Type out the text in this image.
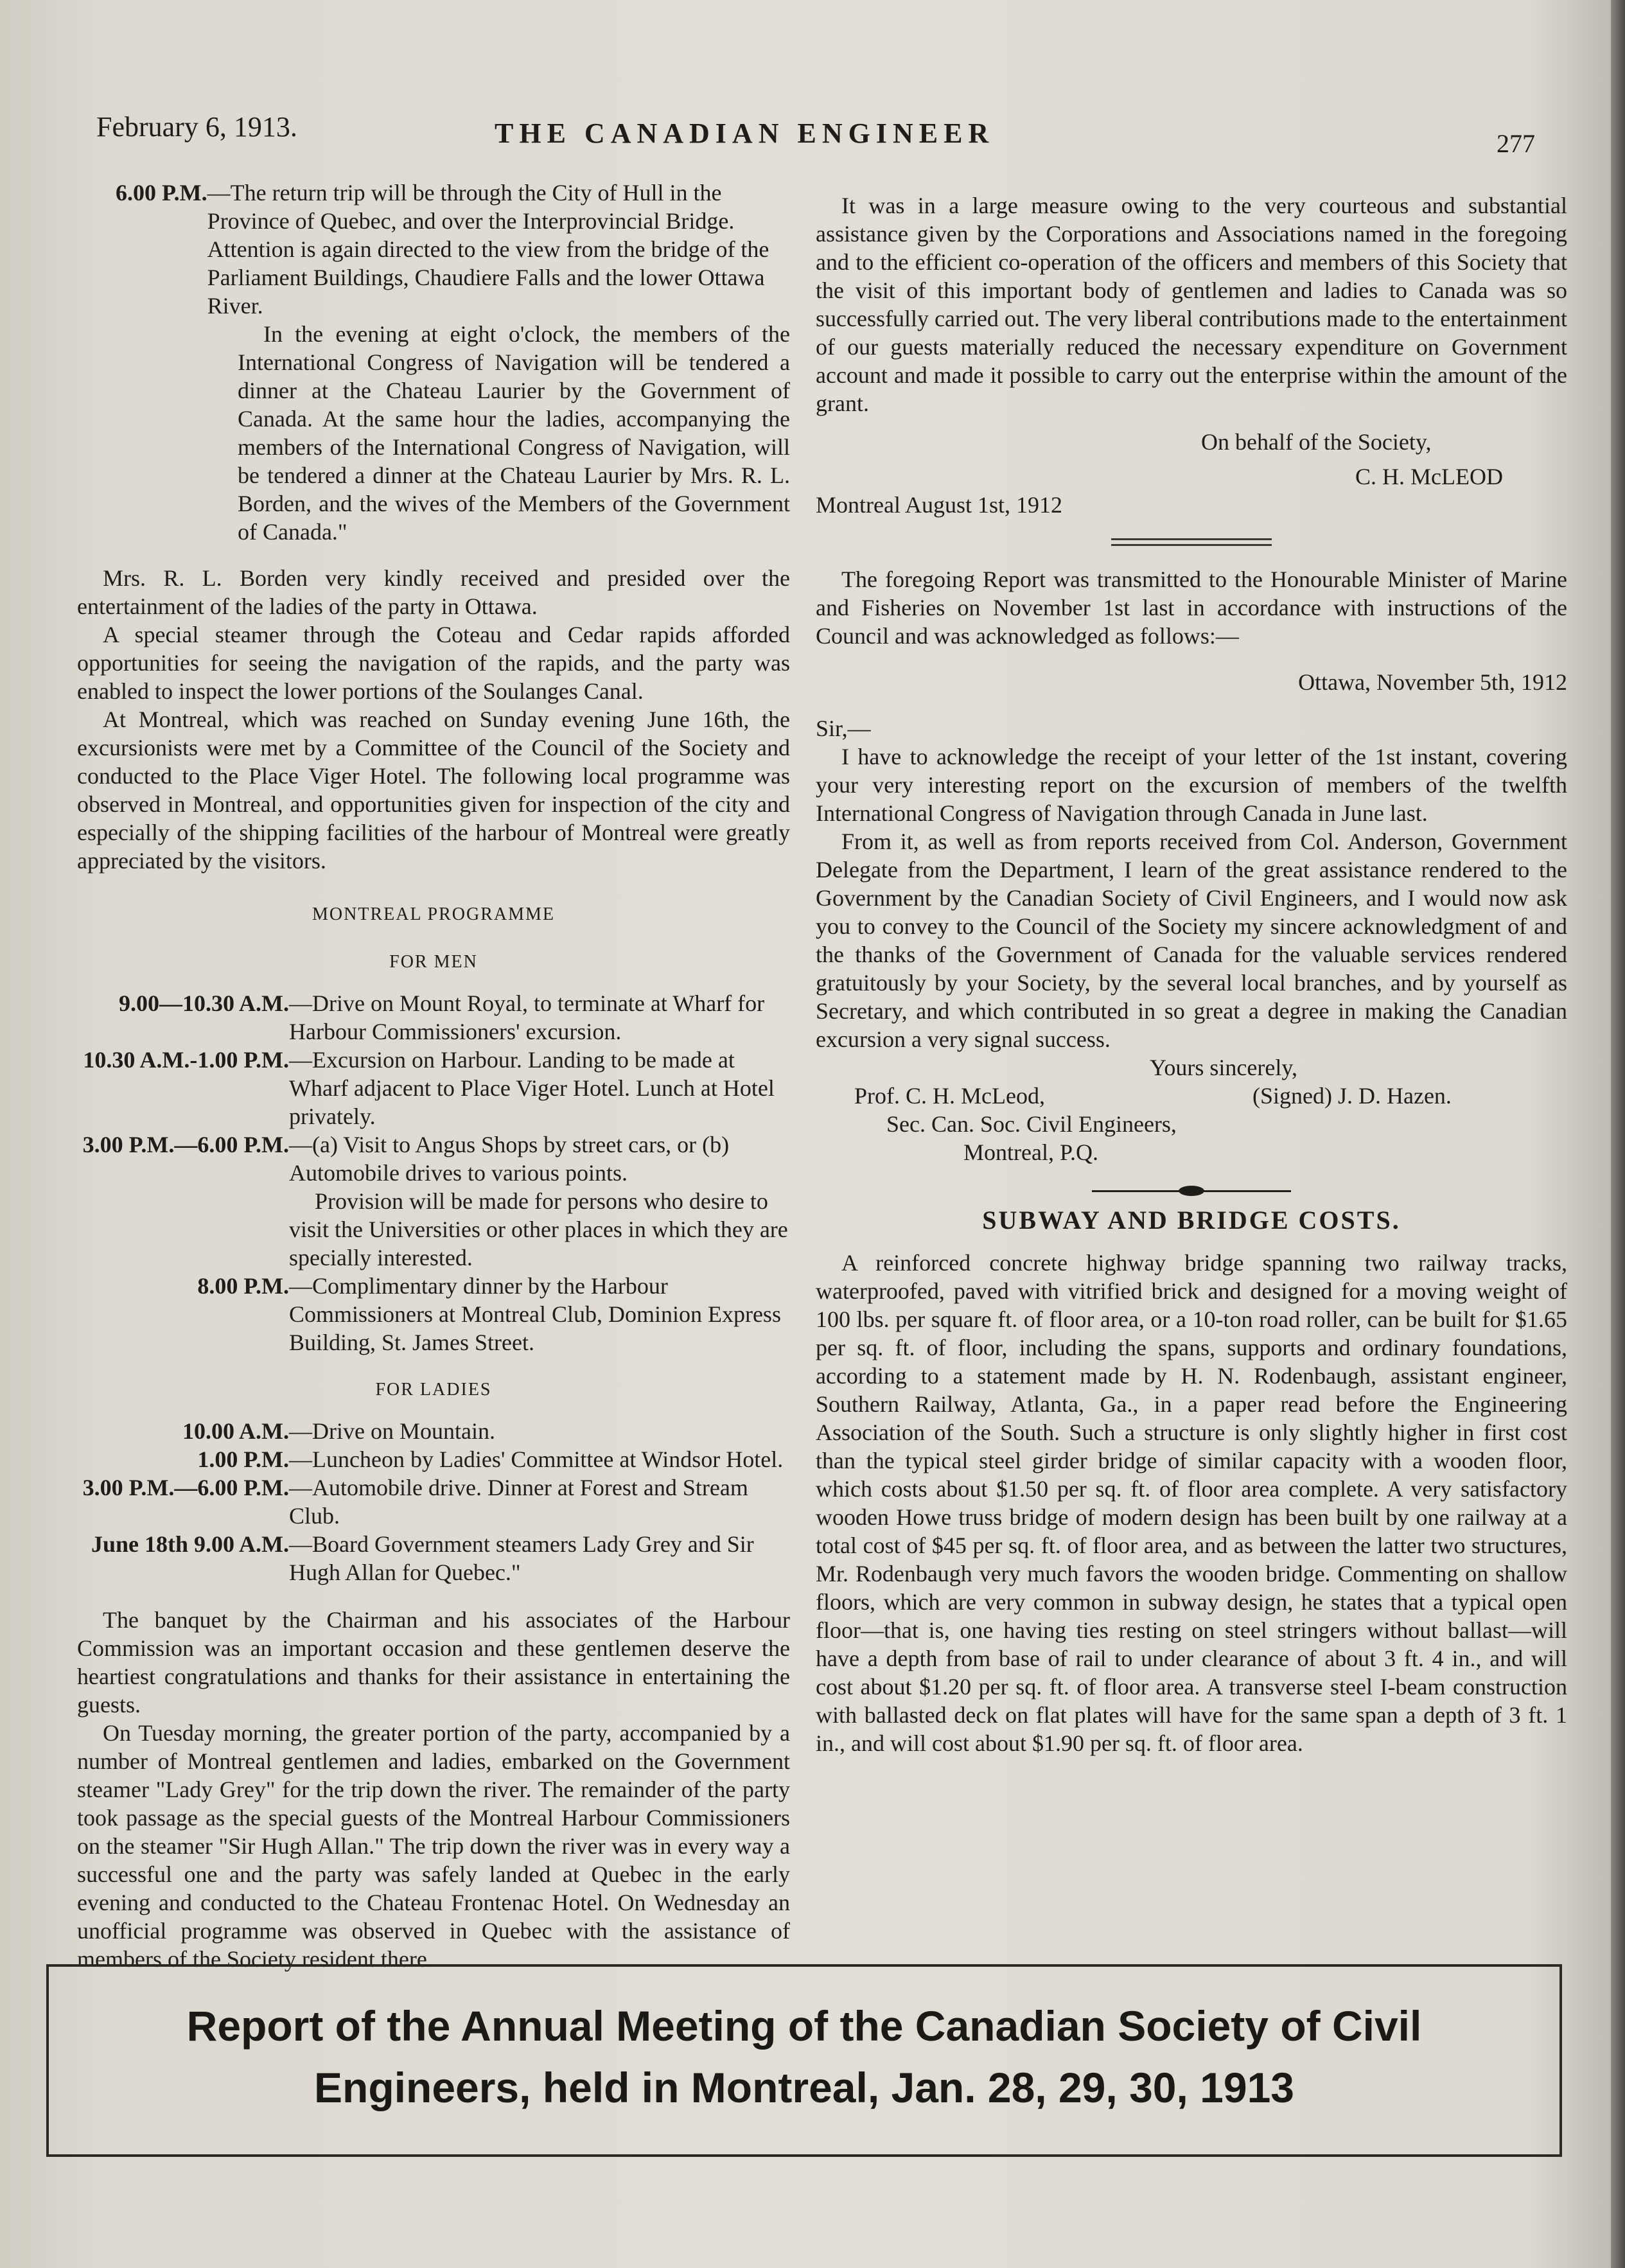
February 6, 1913.	THE CANADIAN ENGINEER	277
6.00 P.M. —The return trip will be through the City of Hull in the Province of Quebec, and over the Interprovincial Bridge. Attention is again directed to the view from the bridge of the Parliament Buildings, Chaudiere Falls and the lower Ottawa River.

In the evening at eight o'clock, the members of the International Congress of Navigation will be tendered a dinner at the Chateau Laurier by the Government of Canada. At the same hour the ladies, accompanying the members of the International Congress of Navigation, will be tendered a dinner at the Chateau Laurier by Mrs. R. L. Borden, and the wives of the Members of the Government of Canada."

Mrs. R. L. Borden very kindly received and presided over the entertainment of the ladies of the party in Ottawa.

A special steamer through the Coteau and Cedar rapids afforded opportunities for seeing the navigation of the rapids, and the party was enabled to inspect the lower portions of the Soulanges Canal.

At Montreal, which was reached on Sunday evening June 16th, the excursionists were met by a Committee of the Council of the Society and conducted to the Place Viger Hotel. The following local programme was observed in Montreal, and opportunities given for inspection of the city and especially of the shipping facilities of the harbour of Montreal were greatly appreciated by the visitors.

MONTREAL PROGRAMME
FOR MEN
9.00—10.30 A.M. —Drive on Mount Royal, to terminate at Wharf for Harbour Commissioners' excursion.
10.30 A.M.-1.00 P.M. —Excursion on Harbour. Landing to be made at Wharf adjacent to Place Viger Hotel. Lunch at Hotel privately.
3.00 P.M.—6.00 P.M. —(a) Visit to Angus Shops by street cars, or (b) Automobile drives to various points.
Provision will be made for persons who desire to visit the Universities or other places in which they are specially interested.
8.00 P.M. —Complimentary dinner by the Harbour Commissioners at Montreal Club, Dominion Express Building, St. James Street.
FOR LADIES
10.00 A.M. —Drive on Mountain.
1.00 P.M. —Luncheon by Ladies' Committee at Windsor Hotel.
3.00 P.M.—6.00 P.M. —Automobile drive. Dinner at Forest and Stream Club.
June 18th 9.00 A.M. —Board Government steamers Lady Grey and Sir Hugh Allan for Quebec."

The banquet by the Chairman and his associates of the Harbour Commission was an important occasion and these gentlemen deserve the heartiest congratulations and thanks for their assistance in entertaining the guests.

On Tuesday morning, the greater portion of the party, accompanied by a number of Montreal gentlemen and ladies, embarked on the Government steamer "Lady Grey" for the trip down the river. The remainder of the party took passage as the special guests of the Montreal Harbour Commissioners on the steamer "Sir Hugh Allan." The trip down the river was in every way a successful one and the party was safely landed at Quebec in the early evening and conducted to the Chateau Frontenac Hotel. On Wednesday an unofficial programme was observed in Quebec with the assistance of members of the Society resident there.

It was in a large measure owing to the very courteous and substantial assistance given by the Corporations and Associations named in the foregoing and to the efficient co-operation of the officers and members of this Society that the visit of this important body of gentlemen and ladies to Canada was so successfully carried out. The very liberal contributions made to the entertainment of our guests materially reduced the necessary expenditure on Government account and made it possible to carry out the enterprise within the amount of the grant.

On behalf of the Society,

C. H. McLEOD

Montreal August 1st, 1912

The foregoing Report was transmitted to the Honourable Minister of Marine and Fisheries on November 1st last in accordance with instructions of the Council and was acknowledged as follows:—

Ottawa, November 5th, 1912

Sir,—

I have to acknowledge the receipt of your letter of the 1st instant, covering your very interesting report on the excursion of members of the twelfth International Congress of Navigation through Canada in June last.

From it, as well as from reports received from Col. Anderson, Government Delegate from the Department, I learn of the great assistance rendered to the Government by the Canadian Society of Civil Engineers, and I would now ask you to convey to the Council of the Society my sincere acknowledgment of and the thanks of the Government of Canada for the valuable services rendered gratuitously by your Society, by the several local branches, and by yourself as Secretary, and which contributed in so great a degree in making the Canadian excursion a very signal success.

Yours sincerely,

Prof. C. H. McLeod,	(Signed) J. D. Hazen.

Sec. Can. Soc. Civil Engineers,

Montreal, P.Q.

SUBWAY AND BRIDGE COSTS.

A reinforced concrete highway bridge spanning two railway tracks, waterproofed, paved with vitrified brick and designed for a moving weight of 100 lbs. per square ft. of floor area, or a 10-ton road roller, can be built for $1.65 per sq. ft. of floor, including the spans, supports and ordinary foundations, according to a statement made by H. N. Rodenbaugh, assistant engineer, Southern Railway, Atlanta, Ga., in a paper read before the Engineering Association of the South. Such a structure is only slightly higher in first cost than the typical steel girder bridge of similar capacity with a wooden floor, which costs about $1.50 per sq. ft. of floor area complete. A very satisfactory wooden Howe truss bridge of modern design has been built by one railway at a total cost of $45 per sq. ft. of floor area, and as between the latter two structures, Mr. Rodenbaugh very much favors the wooden bridge. Commenting on shallow floors, which are very common in subway design, he states that a typical open floor—that is, one having ties resting on steel stringers without ballast—will have a depth from base of rail to under clearance of about 3 ft. 4 in., and will cost about $1.20 per sq. ft. of floor area. A transverse steel I-beam construction with ballasted deck on flat plates will have for the same span a depth of 3 ft. 1 in., and will cost about $1.90 per sq. ft. of floor area.

Report of the Annual Meeting of the Canadian Society of Civil
Engineers, held in Montreal, Jan. 28, 29, 30, 1913
